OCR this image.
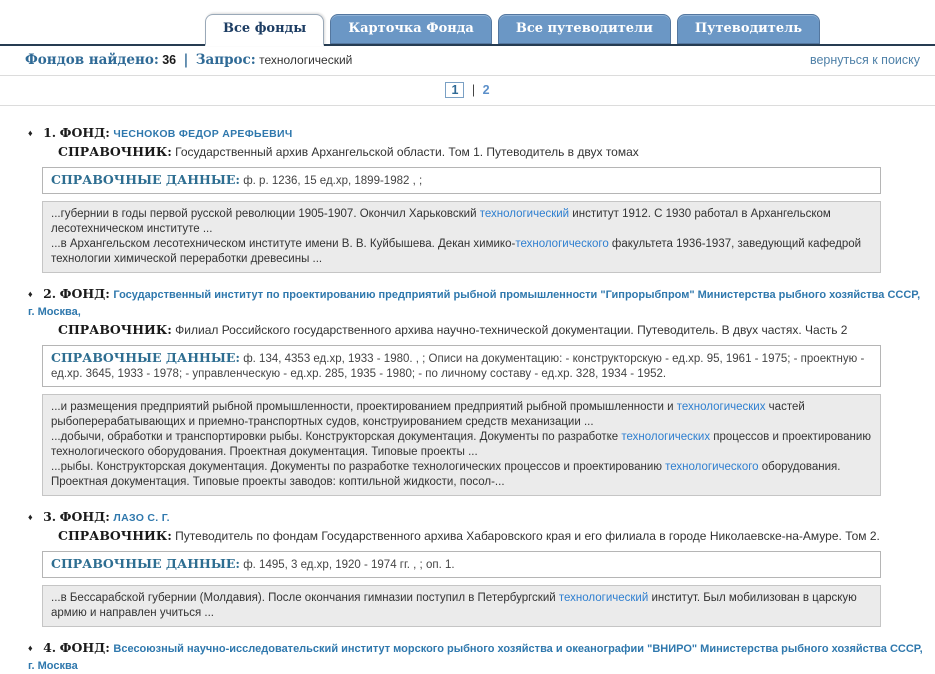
Все фонды	Карточка Фонда	Все путеводители	Путеводитель
Фондов найдено: 36 | Запрос: технологический	вернуться к поиску
1 | 2
♦ 1. ФОНД: ЧЕСНОКОВ ФЕДОР АРЕФЬЕВИЧ
СПРАВОЧНИК: Государственный архив Архангельской области. Том 1. Путеводитель в двух томах
СПРАВОЧНЫЕ ДАННЫЕ: ф. р. 1236, 15 ед.хр, 1899-1982 , ;
...губернии в годы первой русской революции 1905-1907. Окончил Харьковский технологический институт 1912. С 1930 работал в Архангельском лесотехническом институте ...
...в Архангельском лесотехническом институте имени В. В. Куйбышева. Декан химико-технологического факультета 1936-1937, заведующий кафедрой технологии химической переработки древесины ...
♦ 2. ФОНД: Государственный институт по проектированию предприятий рыбной промышленности "Гипрорыбпром" Министерства рыбного хозяйства СССР, г. Москва,
СПРАВОЧНИК: Филиал Российского государственного архива научно-технической документации. Путеводитель. В двух частях. Часть 2
СПРАВОЧНЫЕ ДАННЫЕ: ф. 134, 4353 ед.хр, 1933 - 1980. , ; Описи на документацию: - конструкторскую - ед.хр. 95, 1961 - 1975; - проектную - ед.хр. 3645, 1933 - 1978; - управленческую - ед.хр. 285, 1935 - 1980; - по личному составу - ед.хр. 328, 1934 - 1952.
...и размещения предприятий рыбной промышленности, проектированием предприятий рыбной промышленности и технологических частей рыбоперерабатывающих и приемно-транспортных судов, конструированием средств механизации ...
...добычи, обработки и транспортировки рыбы. Конструкторская документация. Документы по разработке технологических процессов и проектированию технологического оборудования. Проектная документация. Типовые проекты ...
...рыбы. Конструкторская документация. Документы по разработке технологических процессов и проектированию технологического оборудования. Проектная документация. Типовые проекты заводов: коптильной жидкости, посол-...
♦ 3. ФОНД: ЛАЗО С. Г.
СПРАВОЧНИК: Путеводитель по фондам Государственного архива Хабаровского края и его филиала в городе Николаевске-на-Амуре. Том 2.
СПРАВОЧНЫЕ ДАННЫЕ: ф. 1495, 3 ед.хр, 1920 - 1974 гг. , ; оп. 1.
...в Бессарабской губернии (Молдавия). После окончания гимназии поступил в Петербургский технологический институт. Был мобилизован в царскую армию и направлен учиться ...
♦ 4. ФОНД: Всесоюзный научно-исследовательский институт морского рыбного хозяйства и океанографии "ВНИРО" Министерства рыбного хозяйства СССР, г. Москва
